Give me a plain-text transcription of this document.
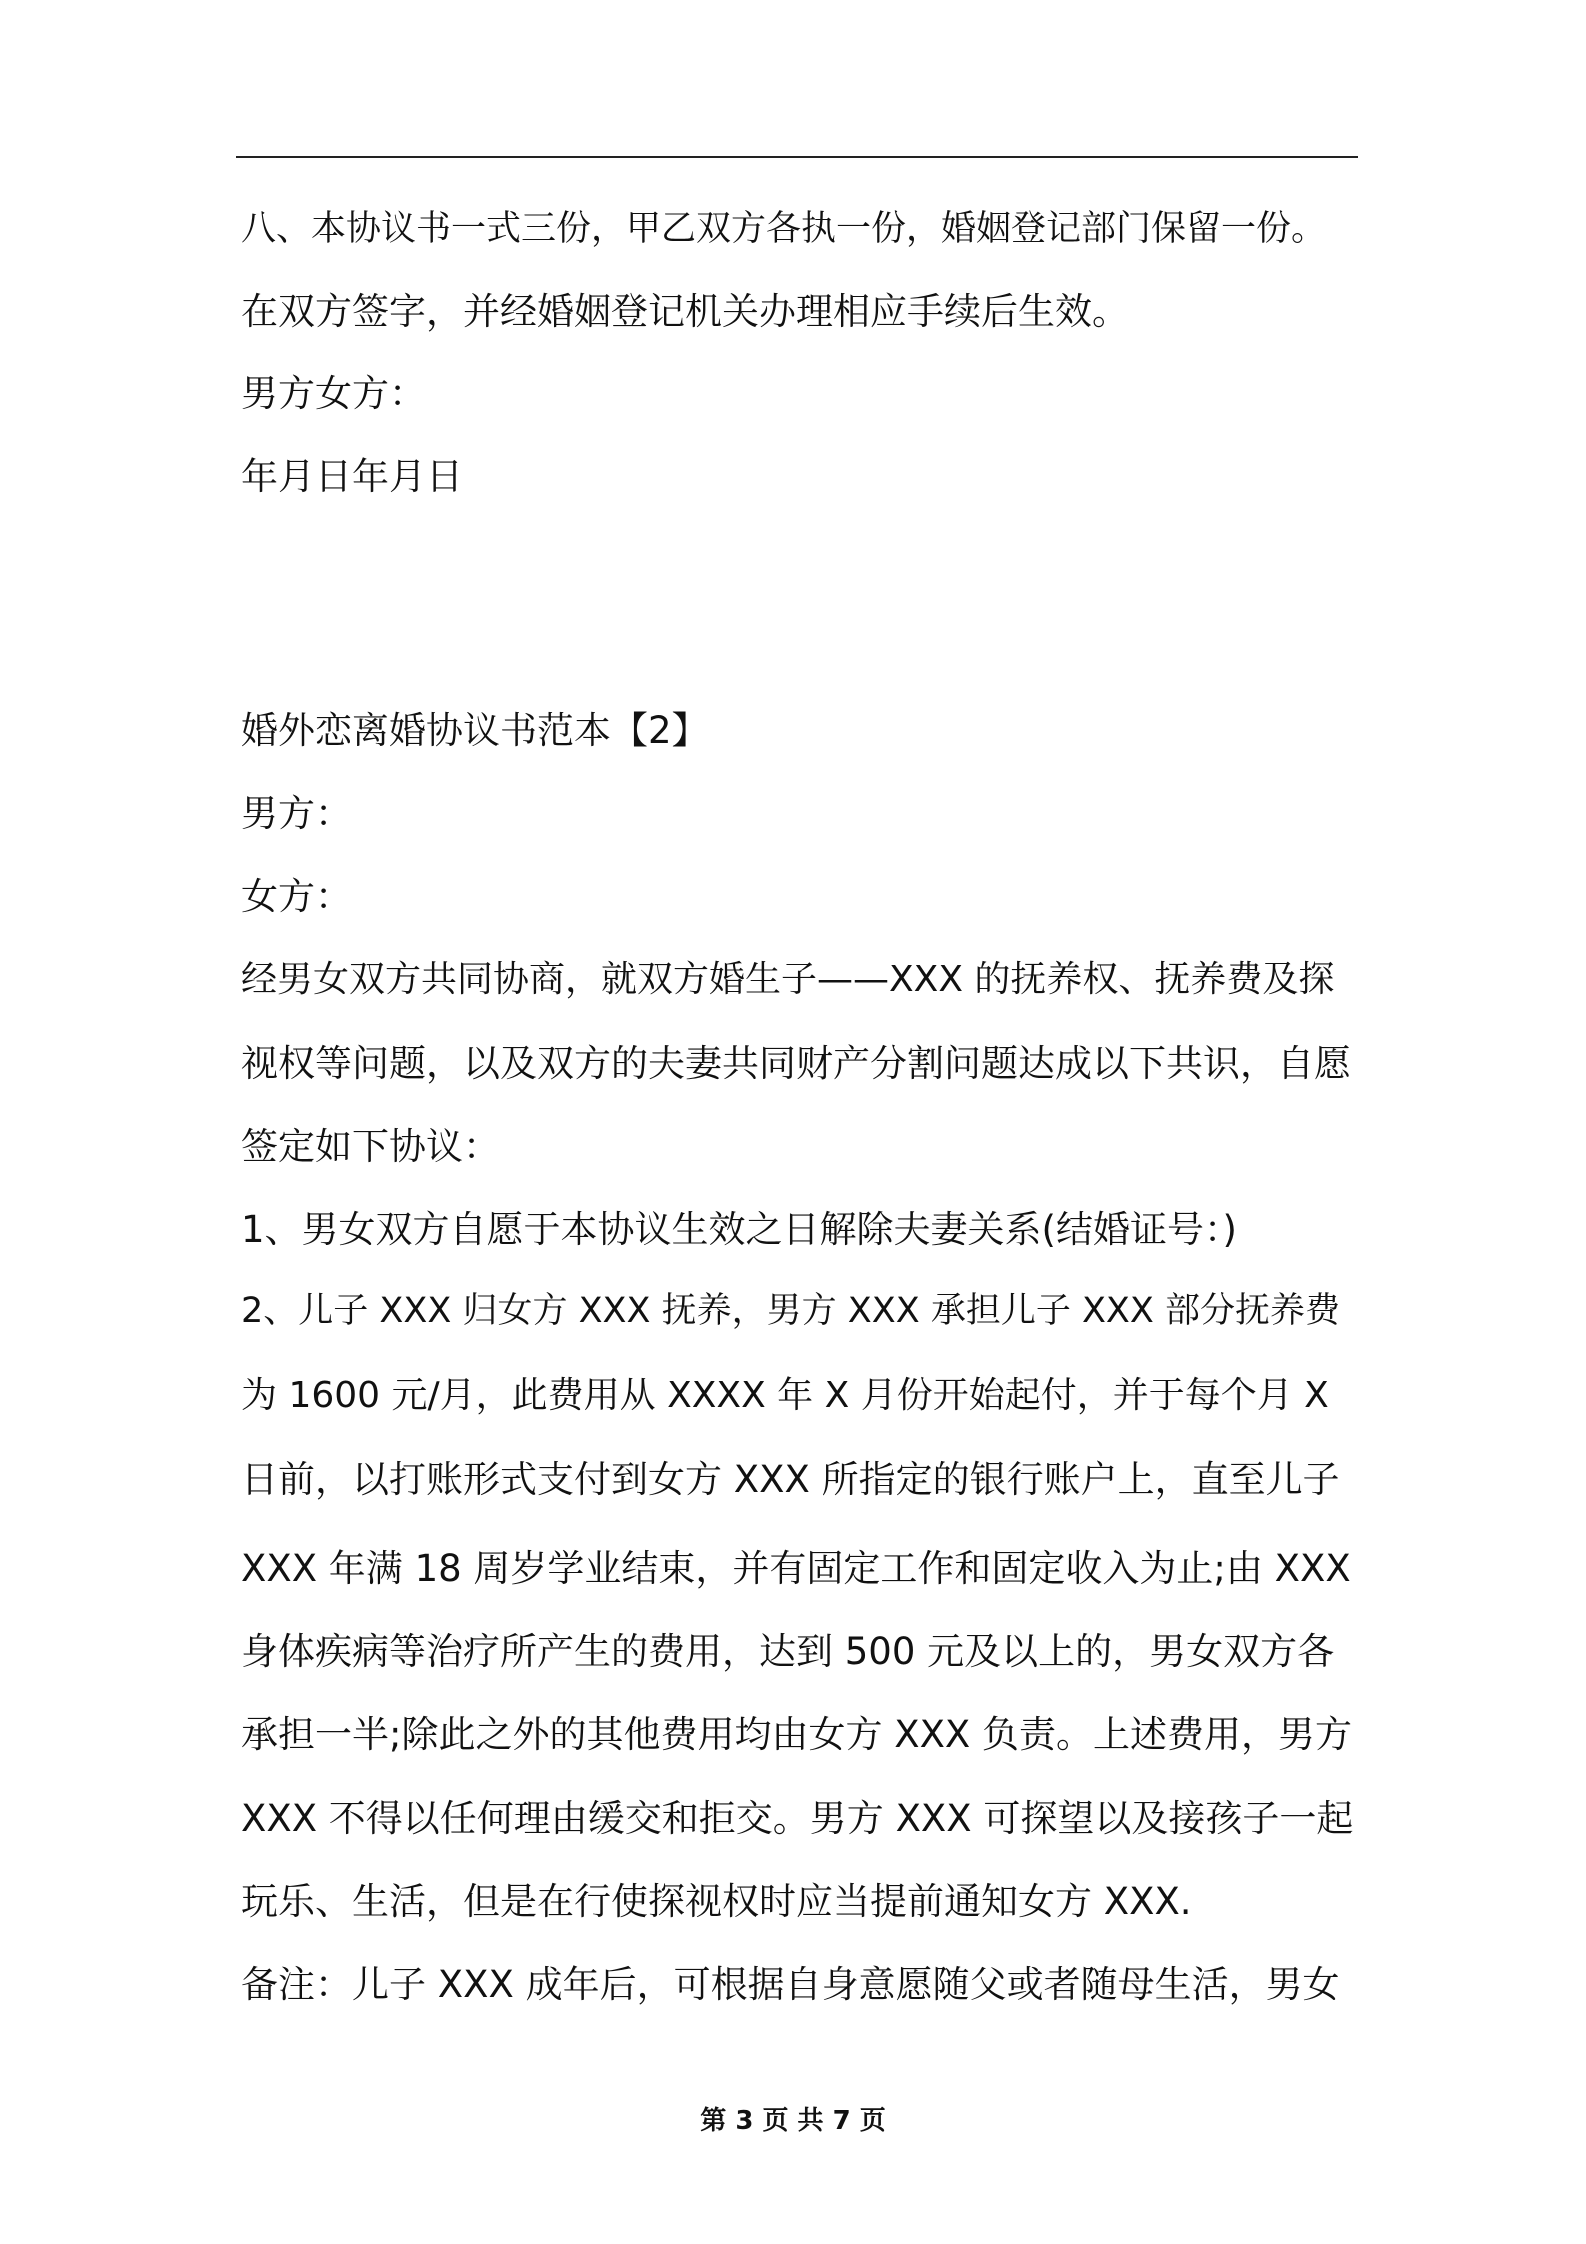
八、本协议书一式三份，甲乙双方各执一份，婚姻登记部门保留一份。
在双方签字，并经婚姻登记机关办理相应手续后生效。
男方女方：
年月日年月日
婚外恋离婚协议书范本【2】
男方：
女方：
经男女双方共同协商，就双方婚生子——XXX 的抚养权、抚养费及探
视权等问题，以及双方的夫妻共同财产分割问题达成以下共识，自愿
签定如下协议：
1、男女双方自愿于本协议生效之日解除夫妻关系(结婚证号：)
2、儿子 XXX 归女方 XXX 抚养，男方 XXX 承担儿子 XXX 部分抚养费
为 1600 元/月，此费用从 XXXX 年 X 月份开始起付，并于每个月 X
日前，以打账形式支付到女方 XXX 所指定的银行账户上，直至儿子
XXX 年满 18 周岁学业结束，并有固定工作和固定收入为止;由 XXX
身体疾病等治疗所产生的费用，达到 500 元及以上的，男女双方各
承担一半;除此之外的其他费用均由女方 XXX 负责。上述费用，男方
XXX 不得以任何理由缓交和拒交。男方 XXX 可探望以及接孩子一起
玩乐、生活，但是在行使探视权时应当提前通知女方 XXX.
备注：儿子 XXX 成年后，可根据自身意愿随父或者随母生活，男女
第 3 页 共 7 页
